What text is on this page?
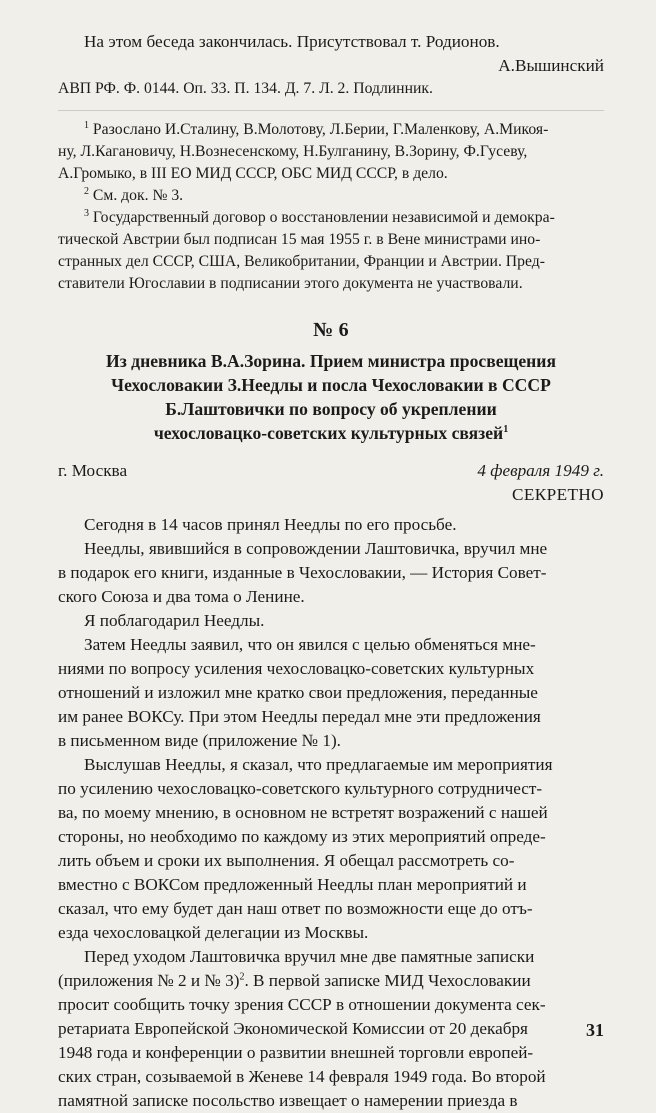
На этом беседа закончилась. Присутствовал т. Родионов.
А.Вышинский
АВП РФ. Ф. 0144. Оп. 33. П. 134. Д. 7. Л. 2. Подлинник.
$^1$ Разослано И.Сталину, В.Молотову, Л.Берии, Г.Маленкову, А.Микоя-
ну, Л.Кагановичу, Н.Вознесенскому, Н.Булганину, В.Зорину, Ф.Гусеву,
А.Громыко, в III ЕО МИД СССР, ОБС МИД СССР, в дело.
$^2$ См. док. № 3.
$^3$ Государственный договор о восстановлении независимой и демокра-
тической Австрии был подписан 15 мая 1955 г. в Вене министрами ино-
странных дел СССР, США, Великобритании, Франции и Австрии. Пред-
ставители Югославии в подписании этого документа не участвовали.
№ 6
Из дневника В.А.Зорина. Прием министра просвещения
Чехословакии З.Неедлы и посла Чехословакии в СССР
Б.Лаштовички по вопросу об укреплении
чехословацко-советских культурных связей$^1$
г. Москва	4 февраля 1949 г.
СЕКРЕТНО
Сегодня в 14 часов принял Неедлы по его просьбе.
Неедлы, явившийся в сопровождении Лаштовичка, вручил мне
в подарок его книги, изданные в Чехословакии, — История Совет-
ского Союза и два тома о Ленине.
Я поблагодарил Неедлы.
Затем Неедлы заявил, что он явился с целью обменяться мне-
ниями по вопросу усиления чехословацко-советских культурных
отношений и изложил мне кратко свои предложения, переданные
им ранее ВОКСу. При этом Неедлы передал мне эти предложения
в письменном виде (приложение № 1).
Выслушав Неедлы, я сказал, что предлагаемые им мероприятия
по усилению чехословацко-советского культурного сотрудничест-
ва, по моему мнению, в основном не встретят возражений с нашей
стороны, но необходимо по каждому из этих мероприятий опреде-
лить объем и сроки их выполнения. Я обещал рассмотреть со-
вместно с ВОКСом предложенный Неедлы план мероприятий и
сказал, что ему будет дан наш ответ по возможности еще до отъ-
езда чехословацкой делегации из Москвы.
Перед уходом Лаштовичка вручил мне две памятные записки
(приложения № 2 и № 3)$^2$. В первой записке МИД Чехословакии
просит сообщить точку зрения СССР в отношении документа сек-
ретариата Европейской Экономической Комиссии от 20 декабря
1948 года и конференции о развитии внешней торговли европей-
ских стран, созываемой в Женеве 14 февраля 1949 года. Во второй
памятной записке посольство извещает о намерении приезда в
31
